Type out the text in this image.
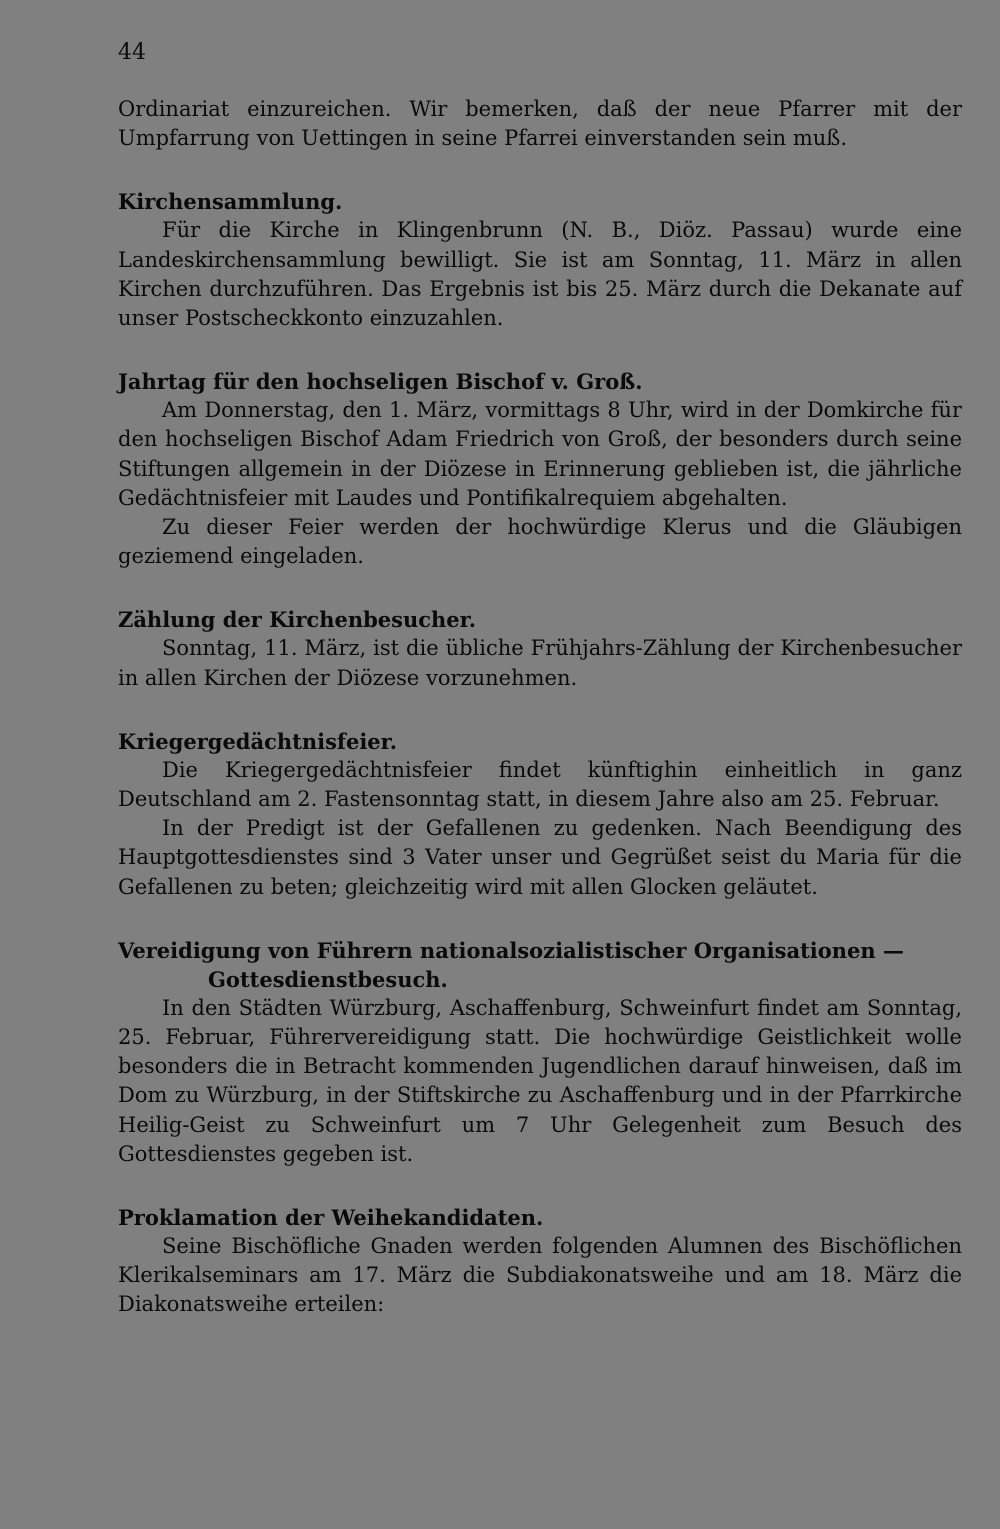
44

Ordinariat einzureichen. Wir bemerken, daß der neue Pfarrer mit der Umpfarrung von Uettingen in seine Pfarrei einverstanden sein muß.

Kirchensammlung.

Für die Kirche in Klingenbrunn (N. B., Diöz. Passau) wurde eine Landeskirchensammlung bewilligt. Sie ist am Sonntag, 11. März in allen Kirchen durchzuführen. Das Ergebnis ist bis 25. März durch die Dekanate auf unser Postscheckkonto einzuzahlen.

Jahrtag für den hochseligen Bischof v. Groß.

Am Donnerstag, den 1. März, vormittags 8 Uhr, wird in der Domkirche für den hochseligen Bischof Adam Friedrich von Groß, der besonders durch seine Stiftungen allgemein in der Diözese in Erinnerung geblieben ist, die jährliche Gedächtnisfeier mit Laudes und Pontifikalrequiem abgehalten.

Zu dieser Feier werden der hochwürdige Klerus und die Gläubigen geziemend eingeladen.

Zählung der Kirchenbesucher.

Sonntag, 11. März, ist die übliche Frühjahrs-Zählung der Kirchenbesucher in allen Kirchen der Diözese vorzunehmen.

Kriegergedächtnisfeier.

Die Kriegergedächtnisfeier findet künftighin einheitlich in ganz Deutschland am 2. Fastensonntag statt, in diesem Jahre also am 25. Februar.

In der Predigt ist der Gefallenen zu gedenken. Nach Beendigung des Hauptgottesdienstes sind 3 Vater unser und Gegrüßet seist du Maria für die Gefallenen zu beten; gleichzeitig wird mit allen Glocken geläutet.

Vereidigung von Führern nationalsozialistischer Organisationen — Gottesdienstbesuch.

In den Städten Würzburg, Aschaffenburg, Schweinfurt findet am Sonntag, 25. Februar, Führervereidigung statt. Die hochwürdige Geistlichkeit wolle besonders die in Betracht kommenden Jugendlichen darauf hinweisen, daß im Dom zu Würzburg, in der Stiftskirche zu Aschaffenburg und in der Pfarrkirche Heilig-Geist zu Schweinfurt um 7 Uhr Gelegenheit zum Besuch des Gottesdienstes gegeben ist.

Proklamation der Weihekandidaten.

Seine Bischöfliche Gnaden werden folgenden Alumnen des Bischöflichen Klerikalseminars am 17. März die Subdiakonatsweihe und am 18. März die Diakonatsweihe erteilen:
